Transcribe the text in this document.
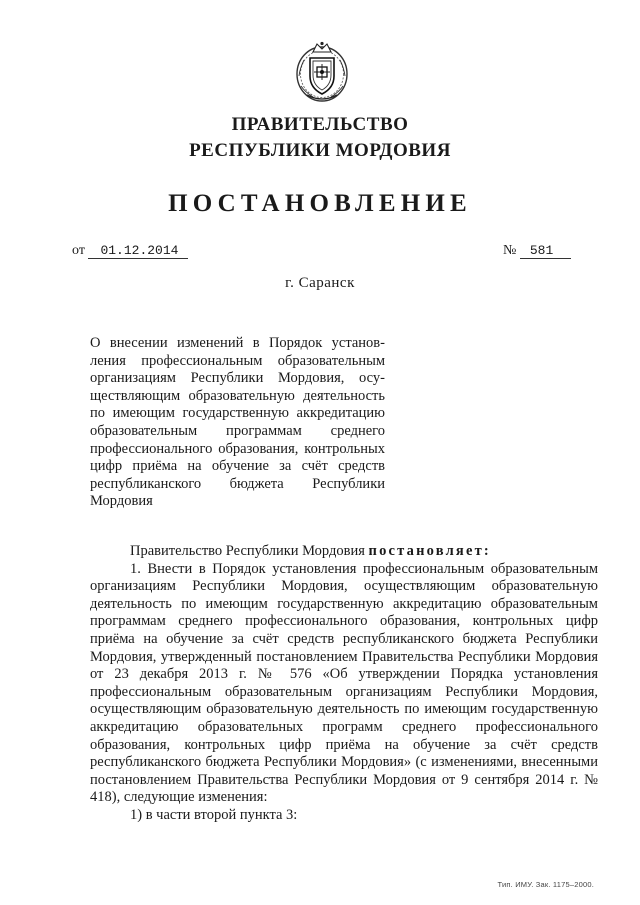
ПРАВИТЕЛЬСТВО
РЕСПУБЛИКИ МОРДОВИЯ
ПОСТАНОВЛЕНИЕ
от 01.12.2014	№ 581
г. Саранск
О внесении изменений в Порядок установления профессиональным образовательным организациям Республики Мордовия, осуществляющим образовательную деятельность по имеющим государственную аккредитацию образовательным программам среднего профессионального образования, контрольных цифр приёма на обучение за счёт средств республиканского бюджета Республики Мордовия

Правительство Республики Мордовия постановляет:

1. Внести в Порядок установления профессиональным образовательным организациям Республики Мордовия, осуществляющим образовательную деятельность по имеющим государственную аккредитацию образовательным программам среднего профессионального образования, контрольных цифр приёма на обучение за счёт средств республиканского бюджета Республики Мордовия, утвержденный постановлением Правительства Республики Мордовия от 23 декабря 2013 г. № 576 «Об утверждении Порядка установления профессиональным образовательным организациям Республики Мордовия, осуществляющим образовательную деятельность по имеющим государственную аккредитацию образовательных программ среднего профессионального образования, контрольных цифр приёма на обучение за счёт средств республиканского бюджета Республики Мордовия» (с изменениями, внесенными постановлением Правительства Республики Мордовия от 9 сентября 2014 г. № 418), следующие изменения:

1) в части второй пункта 3:

Тип. ИМУ. Зак. 1175–2000.
